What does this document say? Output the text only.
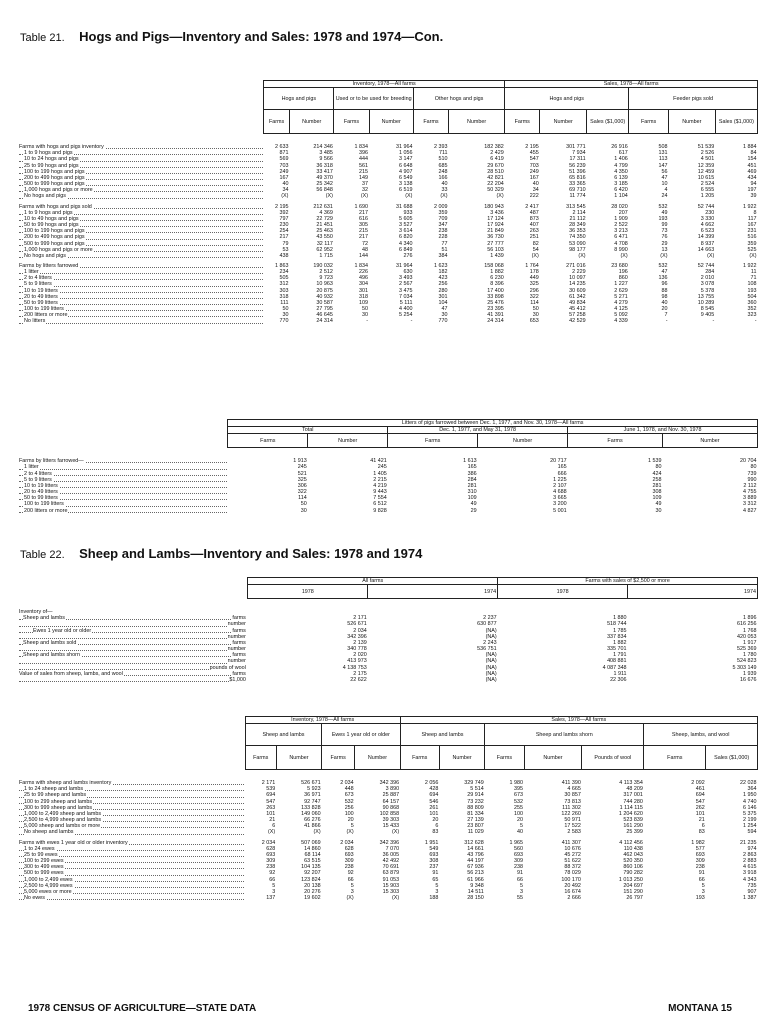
Table 21. Hogs and Pigs—Inventory and Sales: 1978 and 1974—Con.
	Inventory, 1978—All farms						Sales, 1978—All farms					
	Hogs and pigs		Used or to be used for breeding		Other hogs and pigs		Hogs and pigs			Feeder pigs sold		
	Farms	Number	Farms	Number	Farms	Number	Farms	Number	Sales ($1,000)	Farms	Number	Sales ($1,000)

Farms with hogs and pigs inventory	2 633	214 346	1 834	31 964	2 393	182 382	2 195	301 771	26 916	508	51 539	1 884

1 to 9 hogs and pigs	871	3 485	396	1 056	711	2 429	455	7 934	617	131	2 526	84

10 to 24 hogs and pigs	569	9 566	444	3 147	510	6 419	547	17 311	1 406	113	4 501	154

25 to 99 hogs and pigs	703	36 318	561	6 648	685	29 670	703	56 239	4 799	147	12 359	451

100 to 199 hogs and pigs	249	33 417	215	4 907	248	28 510	249	51 396	4 350	56	12 459	469

200 to 499 hogs and pigs	167	49 370	149	6 549	166	42 821	167	65 816	6 139	47	10 615	434

500 to 999 hogs and pigs	40	25 342	37	3 138	40	22 204	40	33 365	3 185	10	2 524	94

1,000 hogs and pigs or more	34	56 848	32	6 519	33	50 329	34	69 710	6 420	4	6 555	197

No hogs and pigs	(X)	(X)	(X)	(X)	(X)	(X)	222	11 774	1 104	24	1 205	39

Farms with hogs and pigs sold	2 195	212 631	1 690	31 688	2 009	180 943	2 417	313 545	28 020	532	52 744	1 922

1 to 9 hogs and pigs	392	4 369	217	933	359	3 436	487	2 114	207	49	230	8

10 to 49 hogs and pigs	797	22 729	616	5 605	709	17 124	873	21 112	1 909	193	3 330	117

50 to 99 hogs and pigs	230	21 451	305	3 527	347	17 924	407	28 349	2 522	99	4 662	167

100 to 199 hogs and pigs	254	25 463	215	3 614	238	21 849	263	36 353	3 213	73	6 523	231

200 to 499 hogs and pigs	217	43 550	217	6 820	228	36 730	251	74 350	6 471	76	14 399	516

500 to 999 hogs and pigs	79	32 117	72	4 340	77	27 777	82	53 090	4 708	29	8 937	359

1,000 hogs and pigs or more	53	62 952	48	6 849	51	56 103	54	98 177	8 990	13	14 663	525

No hogs and pigs	438	1 715	144	276	384	1 439	(X)	(X)	(X)	(X)	(X)	(X)

Farms by litters farrowed	1 863	190 032	1 834	31 964	1 623	158 068	1 764	271 016	23 680	532	52 744	1 922

1 litter	234	2 512	226	630	182	1 882	178	2 229	196	47	284	11

2 to 4 litters	505	9 723	496	3 493	423	6 230	449	10 097	860	136	2 010	71

5 to 9 litters	312	10 963	304	2 567	256	8 396	325	14 235	1 227	96	3 078	108

10 to 19 litters	303	20 875	301	3 475	280	17 400	296	30 609	2 629	88	5 378	193

20 to 49 litters	318	40 932	318	7 034	301	33 898	322	61 342	5 271	98	13 755	504

50 to 99 litters	111	30 587	109	5 111	104	25 476	114	49 834	4 279	40	10 289	360

100 to 199 litters	50	27 795	50	4 400	47	23 395	50	45 412	4 125	20	8 545	352

200 litters or more	30	46 645	30	5 254	30	41 391	30	57 258	5 092	7	9 405	323

No litters	770	24 314	-	-	770	24 314	653	42 529	4 339	-	-	-
	Litters of pigs farrowed between Dec. 1, 1977, and Nov. 30, 1978—All farms					
	Total		Dec. 1, 1977, and May 31, 1978		June 1, 1978, and Nov. 30, 1978	
	Farms	Number	Farms	Number	Farms	Number

Farms by litters farrowed—	1 913	41 421	1 613	20 717	1 539	20 704

1 litter	245	245	165	165	80	80

2 to 4 litters	521	1 405	386	666	424	739

5 to 9 litters	325	2 215	284	1 225	258	990

10 to 19 litters	306	4 219	281	2 107	281	2 112

20 to 49 litters	322	9 443	310	4 688	308	4 755

50 to 99 litters	114	7 554	109	3 665	109	3 889

100 to 199 litters	50	6 512	49	3 200	49	3 312

200 litters or more	30	9 828	29	5 001	30	4 827
Table 22. Sheep and Lambs—Inventory and Sales: 1978 and 1974
	All farms		Farms with sales of $2,500 or more	
	1978	1974	1978	1974

Inventory of—				

Sheep and lambs farms	2 171	2 237	1 880	1 896

number	526 671	630 877	518 744	616 256

Ewes 1 year old or older farms	2 034	(NA)	1 785	1 768

number	342 396	(NA)	337 834	420 053

Sheep and lambs sold farms	2 139	2 243	1 882	1 917

number	340 778	536 751	335 701	525 369

Sheep and lambs shorn farms	2 020	(NA)	1 791	1 780

number	413 973	(NA)	408 881	524 823

pounds of wool	4 138 753	(NA)	4 087 348	5 303 149

Value of sales from sheep, lambs, and wool farms	2 175	(NA)	1 911	1 939

$1,000	22 622	(NA)	22 306	16 676
	Inventory, 1978—All farms				Sales, 1978—All farms						
	Sheep and lambs		Ewes 1 year old or older		Sheep and lambs		Sheep and lambs shorn			Sheep, lambs, and wool	
	Farms	Number	Farms	Number	Farms	Number	Farms	Number	Pounds of wool	Farms	Sales ($1,000)

Farms with sheep and lambs inventory	2 171	526 671	2 034	342 396	2 056	329 749	1 980	411 390	4 113 354	2 092	22 028

1 to 24 sheep and lambs	539	5 923	448	3 890	428	5 514	395	4 665	48 209	461	364

25 to 99 sheep and lambs	694	36 971	673	25 887	694	29 914	673	30 857	317 001	694	1 950

100 to 299 sheep and lambs	547	92 747	532	64 157	546	73 232	532	73 813	744 280	547	4 740

300 to 999 sheep and lambs	263	133 828	256	90 868	261	88 809	255	111 302	1 114 115	262	6 146

1,000 to 2,499 sheep and lambs	101	149 060	100	102 858	101	81 334	100	122 260	1 204 620	101	5 375

2,500 to 4,999 sheep and lambs	21	66 276	20	39 303	20	27 139	20	50 971	523 839	21	2 199

5,000 sheep and lambs or more	6	41 866	5	15 433	6	23 807	5	17 522	161 290	6	1 254

No sheep and lambs	(X)	(X)	(X)	(X)	83	11 029	40	2 583	25 399	83	594

Farms with ewes 1 year old or older inventory	2 034	507 069	2 034	342 396	1 951	312 628	1 965	411 307	4 112 456	1 982	21 235

1 to 24 ewes	628	14 860	628	7 070	549	14 661	560	10 676	110 438	577	974

25 to 99 ewes	693	68 114	693	36 005	693	43 796	693	45 272	462 043	693	2 863

100 to 299 ewes	309	63 515	309	42 492	308	44 197	309	51 622	520 350	309	2 883

300 to 499 ewes	238	104 135	238	70 691	237	67 936	238	88 372	860 106	238	4 615

500 to 999 ewes	92	92 207	92	63 879	91	56 213	91	78 029	790 282	91	3 918

1,000 to 2,499 ewes	66	123 824	66	91 053	65	61 966	66	100 170	1 013 250	66	4 343

2,500 to 4,999 ewes	5	20 138	5	15 903	5	9 348	5	20 492	204 697	5	735

5,000 ewes or more	3	20 276	3	15 303	3	14 511	3	16 674	151 290	3	907

No ewes	137	19 602	(X)	(X)	188	28 150	55	2 666	26 797	193	1 387
1978 CENSUS OF AGRICULTURE—STATE DATA	MONTANA 15
